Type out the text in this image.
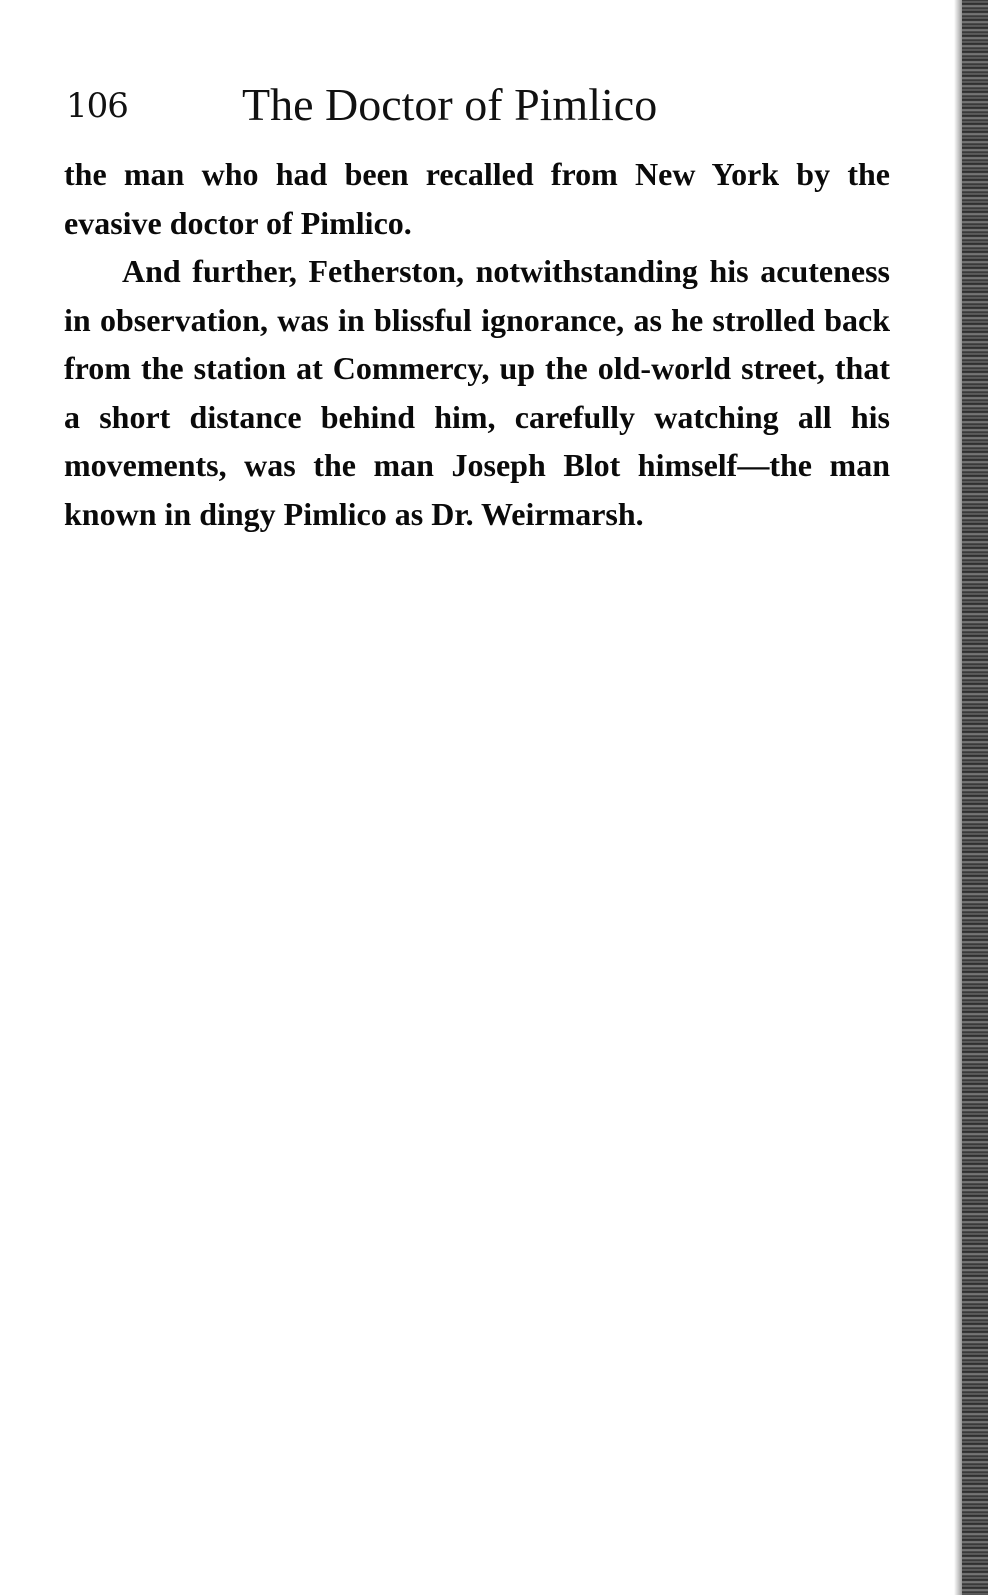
106 The Doctor of Pimlico

the man who had been recalled from New York by the evasive doctor of Pimlico.

And further, Fetherston, notwithstanding his acuteness in observation, was in blissful ignorance, as he strolled back from the station at Commercy, up the old-world street, that a short distance behind him, carefully watching all his movements, was the man Joseph Blot himself—the man known in dingy Pimlico as Dr. Weirmarsh.
